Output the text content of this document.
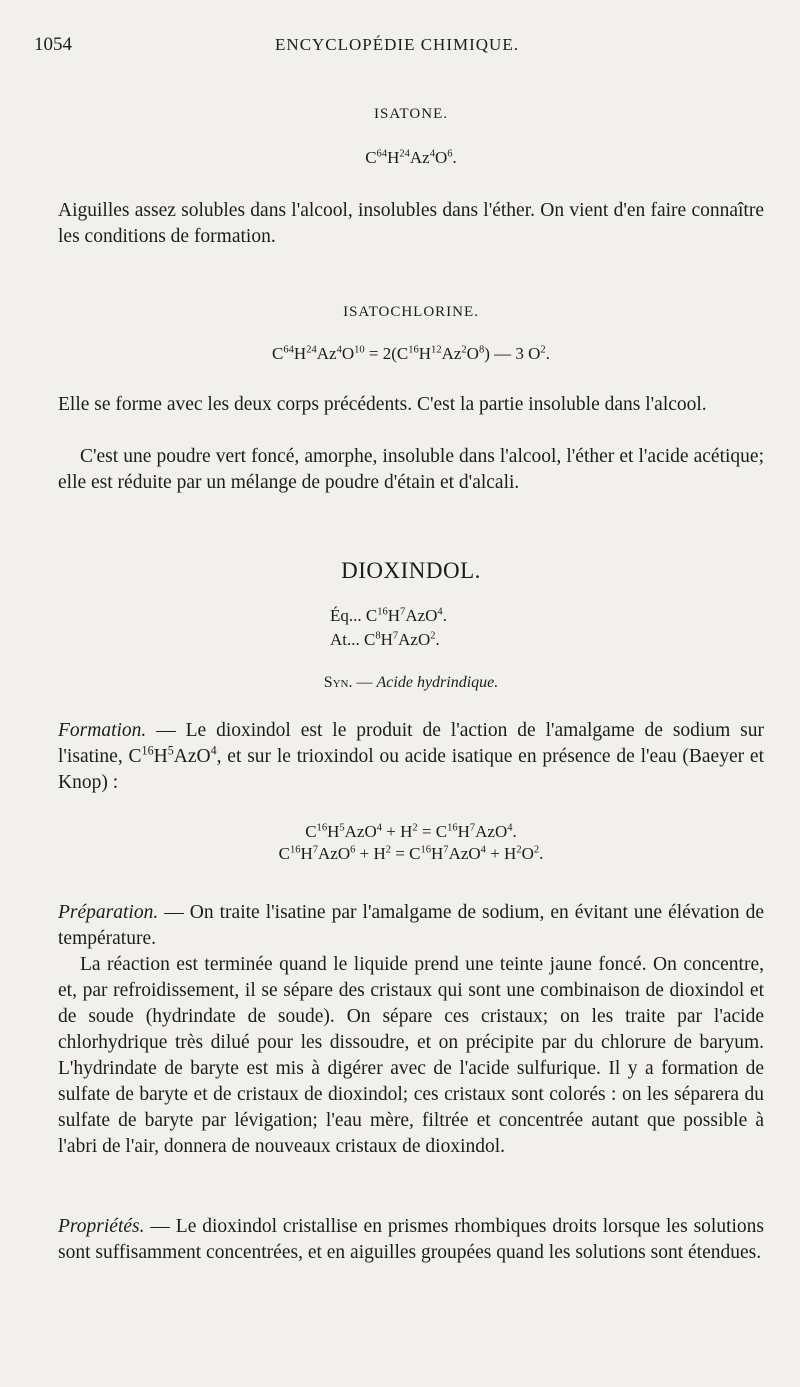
1054	ENCYCLOPÉDIE CHIMIQUE.
ISATONE.
$C^{64}H^{24}Az^4O^6$.
Aiguilles assez solubles dans l'alcool, insolubles dans l'éther. On vient d'en faire connaître les conditions de formation.
ISATOCHLORINE.
$C^{64}H^{24}Az^4O^{10} = 2(C^{16}H^{12}Az^2O^8)$ — 3 $O^2$.
Elle se forme avec les deux corps précédents. C'est la partie insoluble dans l'alcool.
C'est une poudre vert foncé, amorphe, insoluble dans l'alcool, l'éther et l'acide acétique; elle est réduite par un mélange de poudre d'étain et d'alcali.
DIOXINDOL.
Éq... $C^{16}H^7AzO^4$.
At... $C^8H^7AzO^2$.
Syn. — Acide hydrindique.
Formation. — Le dioxindol est le produit de l'action de l'amalgame de sodium sur l'isatine, $C^{16}H^5AzO^4$, et sur le trioxindol ou acide isatique en présence de l'eau (Baeyer et Knop) :
$C^{16}H^5AzO^4 + H^2 = C^{16}H^7AzO^4$.
$C^{16}H^7AzO^6 + H^2 = C^{16}H^7AzO^4 + H^2O^2$.
Préparation. — On traite l'isatine par l'amalgame de sodium, en évitant une élévation de température.
La réaction est terminée quand le liquide prend une teinte jaune foncé. On concentre, et, par refroidissement, il se sépare des cristaux qui sont une combinaison de dioxindol et de soude (hydrindate de soude). On sépare ces cristaux; on les traite par l'acide chlorhydrique très dilué pour les dissoudre, et on précipite par du chlorure de baryum. L'hydrindate de baryte est mis à digérer avec de l'acide sulfurique. Il y a formation de sulfate de baryte et de cristaux de dioxindol; ces cristaux sont colorés : on les séparera du sulfate de baryte par lévigation; l'eau mère, filtrée et concentrée autant que possible à l'abri de l'air, donnera de nouveaux cristaux de dioxindol.
Propriétés. — Le dioxindol cristallise en prismes rhombiques droits lorsque les solutions sont suffisamment concentrées, et en aiguilles groupées quand les solutions sont étendues.
